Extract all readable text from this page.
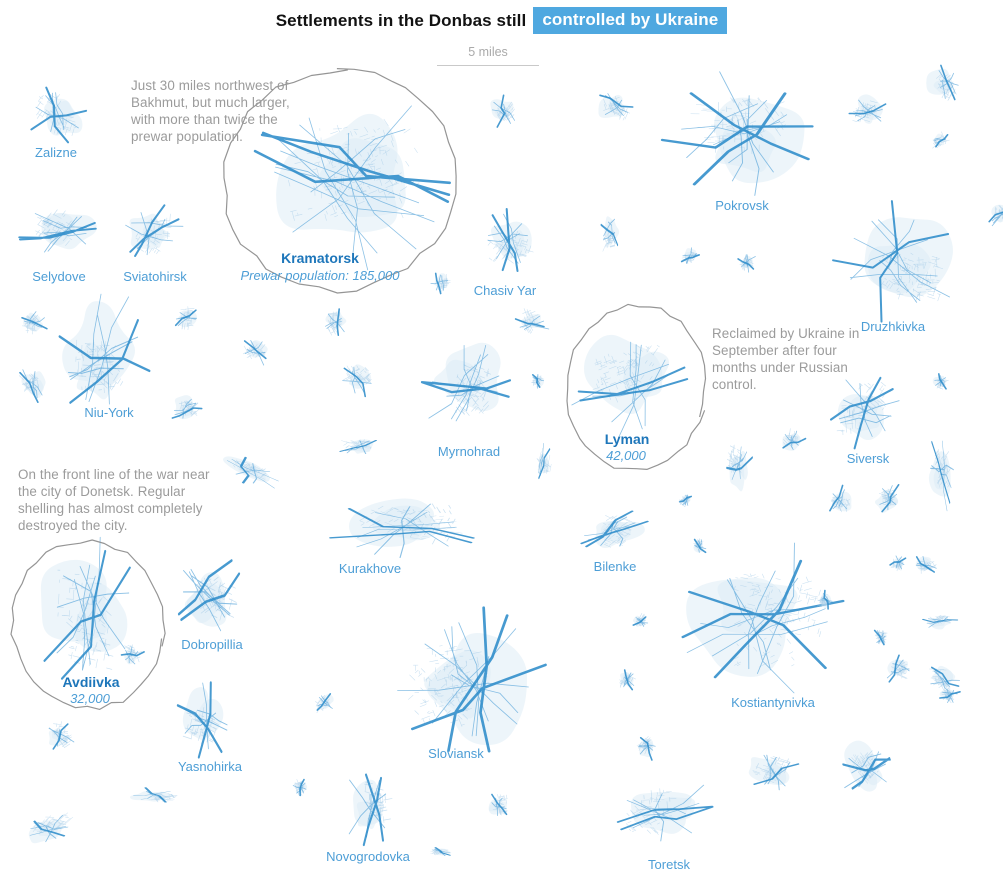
Zalizne
Selydove	Sviatohirsk
Kramatorsk
Prewar population: 185,000
Chasiv Yar
Pokrovsk
Druzhkivka
Niu-York
Myrnohrad
Lyman
42,000	Siversk
Kurakhove	Bilenke
Avdiivka
32,000
Dobropillia
Kostiantynivka
Yasnohirka
Sloviansk
Novogrodovka
Toretsk
Settlements in the Donbas still controlled by Ukraine
5 miles
Just 30 miles northwest of Bakhmut, but much larger, with more than twice the prewar population.
Reclaimed by Ukraine in September after four months under Russian control.
On the front line of the war near the city of Donetsk. Regular shelling has almost completely destroyed the city.
